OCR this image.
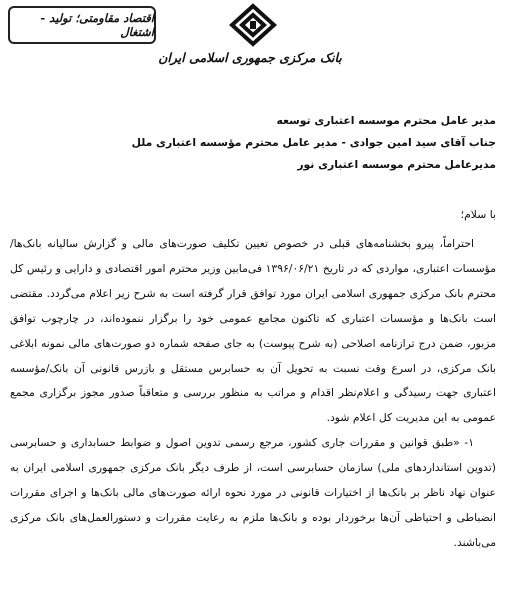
اقتصاد مقاومتی؛ تولید - اشتغال
بانک مرکزی جمهوری اسلامی ایران
مدیر عامل محترم موسسه اعتباری توسعه
جناب آقای سید امین جوادی - مدیر عامل محترم مؤسسه اعتباری ملل
مدیرعامل محترم موسسه اعتباری نور
با سلام؛

احتراماً، پیرو بخشنامه‌های قبلی در خصوص تعیین تکلیف صورت‌های مالی و گزارش سالیانه بانک‌ها/مؤسسات اعتباری، مواردی که در تاریخ ۱۳۹۶/۰۶/۲۱ فی‌مابین وزیر محترم امور اقتصادی و دارایی و رئیس کل محترم بانک مرکزی جمهوری اسلامی ایران مورد توافق قرار گرفته است به شرح زیر اعلام می‌گردد. مقتضی است بانک‌ها و مؤسسات اعتباری که تاکنون مجامع عمومی خود را برگزار ننموده‌اند، در چارچوب توافق مزبور، ضمن درج ترازنامه اصلاحی (به شرح پیوست) به جای صفحه شماره دو صورت‌های مالی نمونه ابلاغی بانک مرکزی، در اسرع وقت نسبت به تحویل آن به حسابرس مستقل و بازرس قانونی آن بانک/مؤسسه اعتباری جهت رسیدگی و اعلام‌نظر اقدام و مراتب به منظور بررسی و متعاقباً صدور مجوز برگزاری مجمع عمومی به این مدیریت کل اعلام شود.

۱- «طبق قوانین و مقررات جاری کشور، مرجع رسمی تدوین اصول و ضوابط حسابداری و حسابرسی (تدوین استانداردهای ملی) سازمان حسابرسی است، از طرف دیگر بانک مرکزی جمهوری اسلامی ایران به عنوان نهاد ناظر بر بانک‌ها از اختیارات قانونی در مورد نحوه ارائه صورت‌های مالی بانک‌ها و اجرای مقررات انضباطی و احتیاطی آن‌ها برخوردار بوده و بانک‌ها ملزم به رعایت مقررات و دستورالعمل‌های بانک مرکزی می‌باشند.
